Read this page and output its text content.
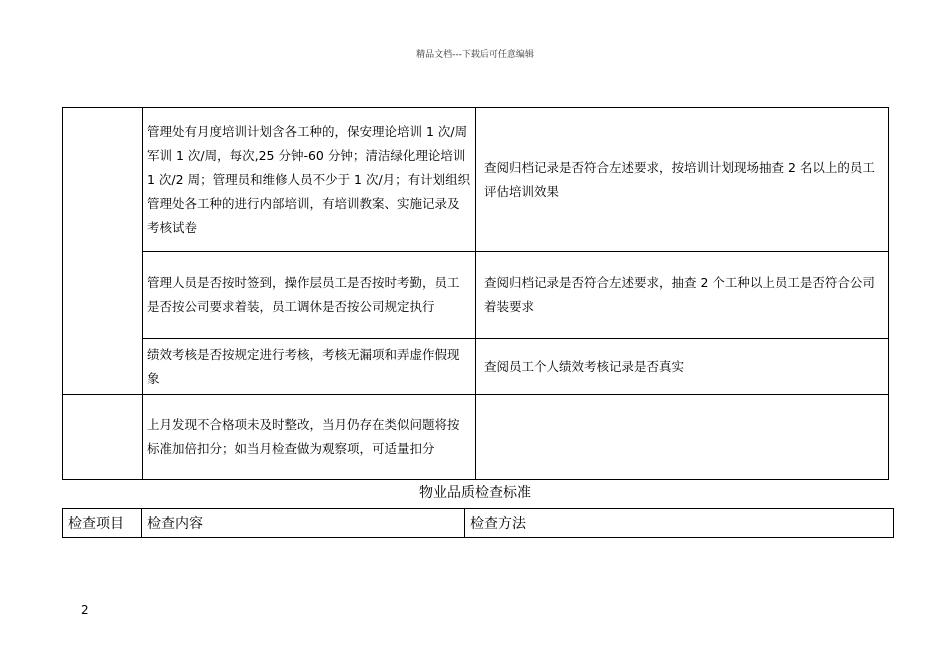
精品文档---下载后可任意编辑
	管理处有月度培训计划含各工种的，保安理论培训 1 次/周军训 1 次/周，每次,25 分钟-60 分钟；清洁绿化理论培训 1 次/2 周；管理员和维修人员不少于 1 次/月；有计划组织管理处各工种的进行内部培训，有培训教案、实施记录及考核试卷	查阅归档记录是否符合左述要求，按培训计划现场抽查 2 名以上的员工评估培训效果
	管理人员是否按时签到，操作层员工是否按时考勤，员工是否按公司要求着装，员工调休是否按公司规定执行	查阅归档记录是否符合左述要求，抽查 2 个工种以上员工是否符合公司着装要求
	绩效考核是否按规定进行考核，考核无漏项和弄虚作假现象	查阅员工个人绩效考核记录是否真实
	上月发现不合格项未及时整改，当月仍存在类似问题将按标准加倍扣分；如当月检查做为观察项，可适量扣分	
物业品质检查标准
检查项目	检查内容	检查方法
2
